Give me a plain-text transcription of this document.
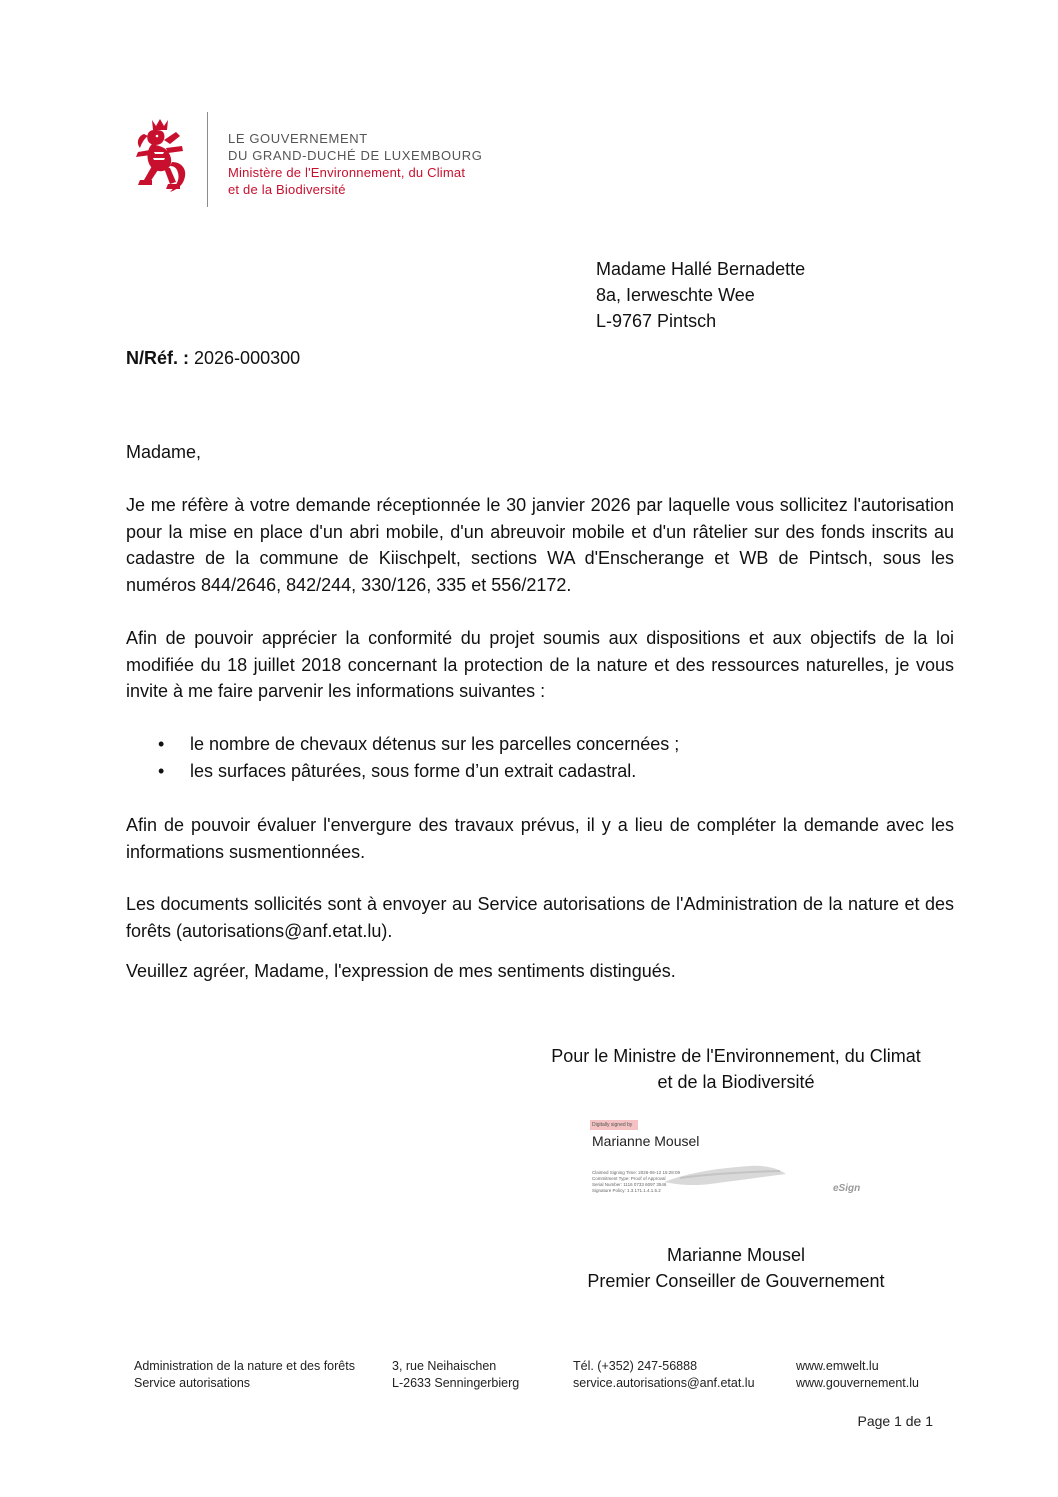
LE GOUVERNEMENT
DU GRAND-DUCHÉ DE LUXEMBOURG
Ministère de l'Environnement, du Climat
et de la Biodiversité
Madame Hallé Bernadette
8a, Ierweschte Wee
L-9767 Pintsch
N/Réf. : 2026-000300
Madame,
Je me réfère à votre demande réceptionnée le 30 janvier 2026 par laquelle vous sollicitez l'autorisation pour la mise en place d'un abri mobile, d'un abreuvoir mobile et d'un râtelier sur des fonds inscrits au cadastre de la commune de Kiischpelt, sections WA d'Enscherange et WB de Pintsch, sous les numéros 844/2646, 842/244, 330/126, 335 et 556/2172.
Afin de pouvoir apprécier la conformité du projet soumis aux dispositions et aux objectifs de la loi modifiée du 18 juillet 2018 concernant la protection de la nature et des ressources naturelles, je vous invite à me faire parvenir les informations suivantes :
•	le nombre de chevaux détenus sur les parcelles concernées ;
•	les surfaces pâturées, sous forme d’un extrait cadastral.
Afin de pouvoir évaluer l'envergure des travaux prévus, il y a lieu de compléter la demande avec les informations susmentionnées.
Les documents sollicités sont à envoyer au Service autorisations de l'Administration de la nature et des forêts (autorisations@anf.etat.lu).
Veuillez agréer, Madame, l'expression de mes sentiments distingués.
Pour le Ministre de l'Environnement, du Climat
et de la Biodiversité
Digitally signed by
Marianne Mousel
Claimed Signing Time: 2026-06-12 15:28:09
Commitment Type: Proof of Approval
Serial Number: 1116 0733 6097 3546
Signature Policy: 1.3.171.1.4.1.5.2	eSign
Marianne Mousel
Premier Conseiller de Gouvernement
Administration de la nature et des forêts
Service autorisations
3, rue Neihaischen
L-2633 Senningerbierg
Tél. (+352) 247-56888
service.autorisations@anf.etat.lu
www.emwelt.lu
www.gouvernement.lu
Page 1 de 1
